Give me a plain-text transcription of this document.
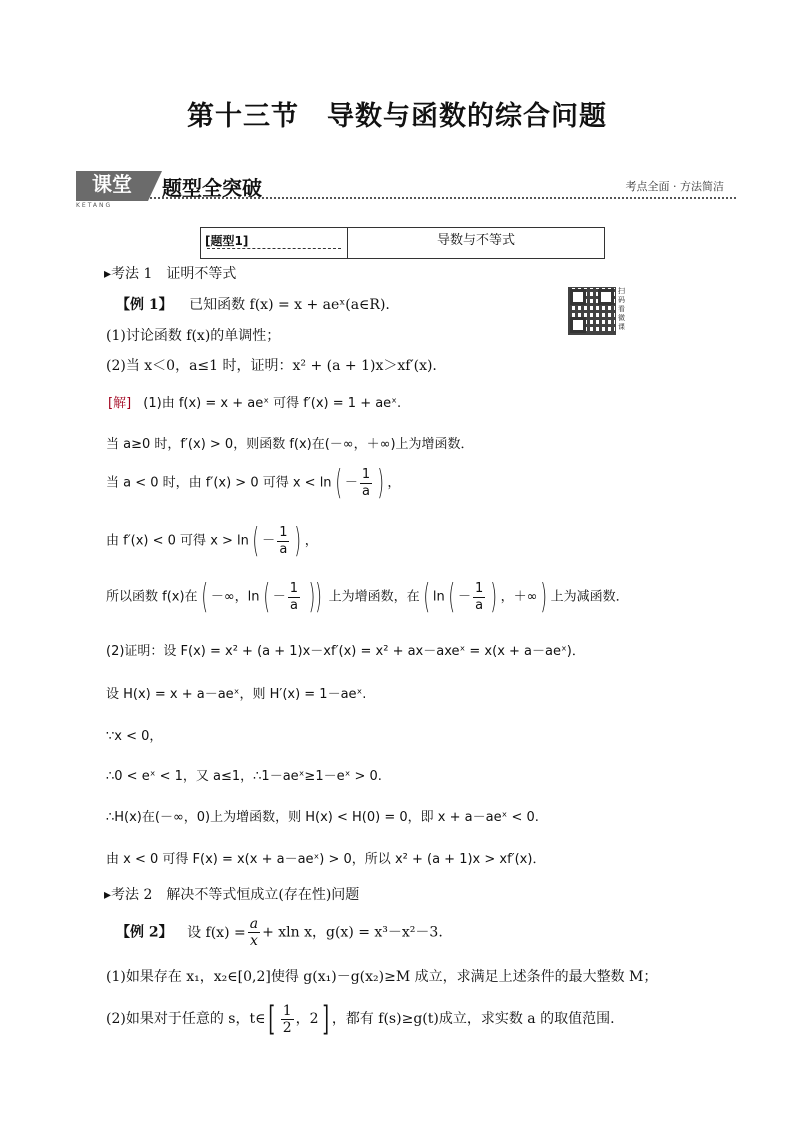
第十三节　导数与函数的综合问题
课堂
KETANG
题型全突破	考点全面 · 方法简洁
[题型1]	导数与不等式
▸考法 1　证明不等式
【例 1】 已知函数 f(x) = x + aeˣ(a∈R).
(1)讨论函数 f(x)的单调性；
(2)当 x＜0，a≤1 时，证明：x² + (a + 1)x＞xf′(x).
扫码看微课
[解] (1)由 f(x) = x + aeˣ 可得 f′(x) = 1 + aeˣ.
当 a≥0 时，f′(x) > 0，则函数 f(x)在(－∞，＋∞)上为增函数．
当 a < 0 时，由 f′(x) > 0 可得 $x < \ln( - \frac{1}{a}$ ) ，
由 f′(x) < 0 可得 $x > \ln( - \frac{1}{a}$ ) ，
所以函数 f(x)在( －∞，$\ln( - \frac{1}{a}$ )) 上为增函数，在( $\ln( - \frac{1}{a}$ ) ，＋∞) 上为减函数．
(2)证明：设 F(x) = x² + (a + 1)x－xf′(x) = x² + ax－axeˣ = x(x + a－aeˣ)．
设 H(x) = x + a－aeˣ，则 H′(x) = 1－aeˣ.
∵x < 0，
∴0 < eˣ < 1，又 a≤1，∴1－aeˣ≥1－eˣ > 0.
∴H(x)在(－∞，0)上为增函数，则 H(x) < H(0) = 0，即 x + a－aeˣ < 0.
由 x < 0 可得 F(x) = x(x + a－aeˣ) > 0，所以 x² + (a + 1)x > xf′(x)．
▸考法 2　解决不等式恒成立(存在性)问题
【例 2】 设 $f(x) = \frac{a}{x} + xln$ x，g(x) = x³－x²－3.
(1)如果存在 x₁，x₂∈[0,2]使得 g(x₁)－g(x₂)≥M 成立，求满足上述条件的最大整数 M；
(2)如果对于任意的 s，t∈[ $\frac{1}{2}$ ，2] ，都有 f(s)≥g(t)成立，求实数 a 的取值范围.
